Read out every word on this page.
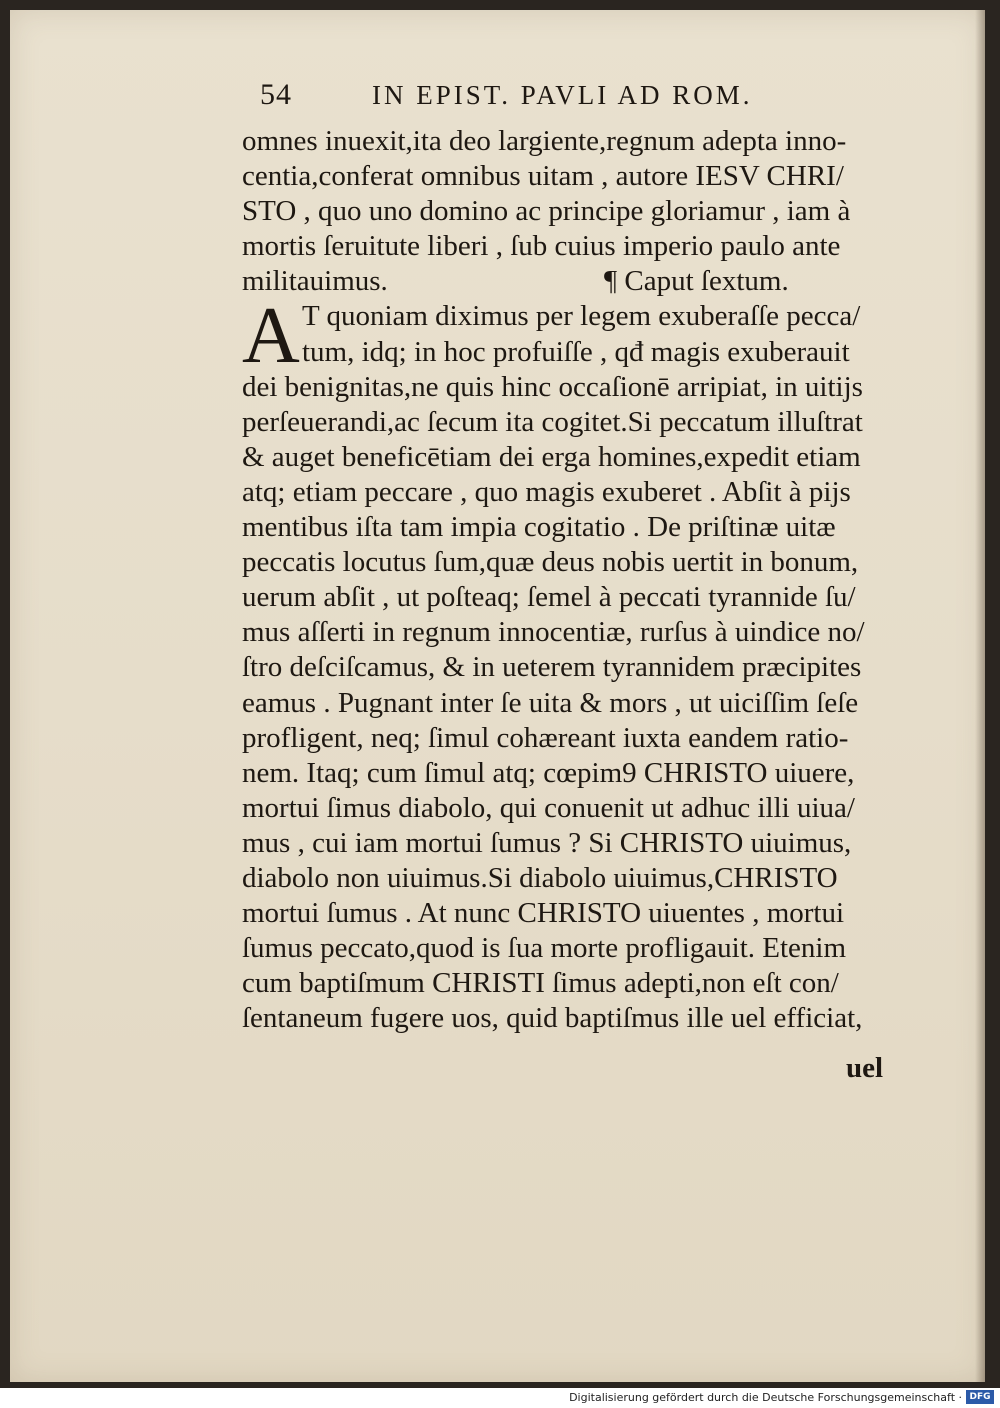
54	IN EPIST. PAVLI AD ROM.
omnes inuexit,ita deo largiente,regnum adepta inno-
centia,conferat omnibus uitam , autore IESV CHRI/
STO , quo uno domino ac principe gloriamur , iam à
mortis ſeruitute liberi , ſub cuius imperio paulo ante
militauimus.	¶ Caput ſextum.
T quoniam diximus per legem exuberaſſe pecca/
tum, idq; in hoc profuiſſe , qđ magis exuberauit
dei benignitas,ne quis hinc occaſionē arripiat, in uitijs
perſeuerandi,ac ſecum ita cogitet.Si peccatum illuſtrat
& auget beneficētiam dei erga homines,expedit etiam
atq; etiam peccare , quo magis exuberet . Abſit à pijs
mentibus iſta tam impia cogitatio . De priſtinæ uitæ
peccatis locutus ſum,quæ deus nobis uertit in bonum,
uerum abſit , ut poſteaq; ſemel à peccati tyrannide ſu/
mus aſſerti in regnum innocentiæ, rurſus à uindice no/
ſtro deſciſcamus, & in ueterem tyrannidem præcipites
eamus . Pugnant inter ſe uita & mors , ut uiciſſim ſeſe
profligent, neq; ſimul cohæreant iuxta eandem ratio-
nem. Itaq; cum ſimul atq; cœpim9 CHRISTO uiuere,
mortui ſimus diabolo, qui conuenit ut adhuc illi uiua/
mus , cui iam mortui ſumus ? Si CHRISTO uiuimus,
diabolo non uiuimus.Si diabolo uiuimus,CHRISTO
mortui ſumus . At nunc CHRISTO uiuentes , mortui
ſumus peccato,quod is ſua morte profligauit. Etenim
cum baptiſmum CHRISTI ſimus adepti,non eſt con/
ſentaneum fugere uos, quid baptiſmus ille uel efficiat,
A
uel
Digitalisierung gefördert durch die Deutsche Forschungsgemeinschaft · DFG
